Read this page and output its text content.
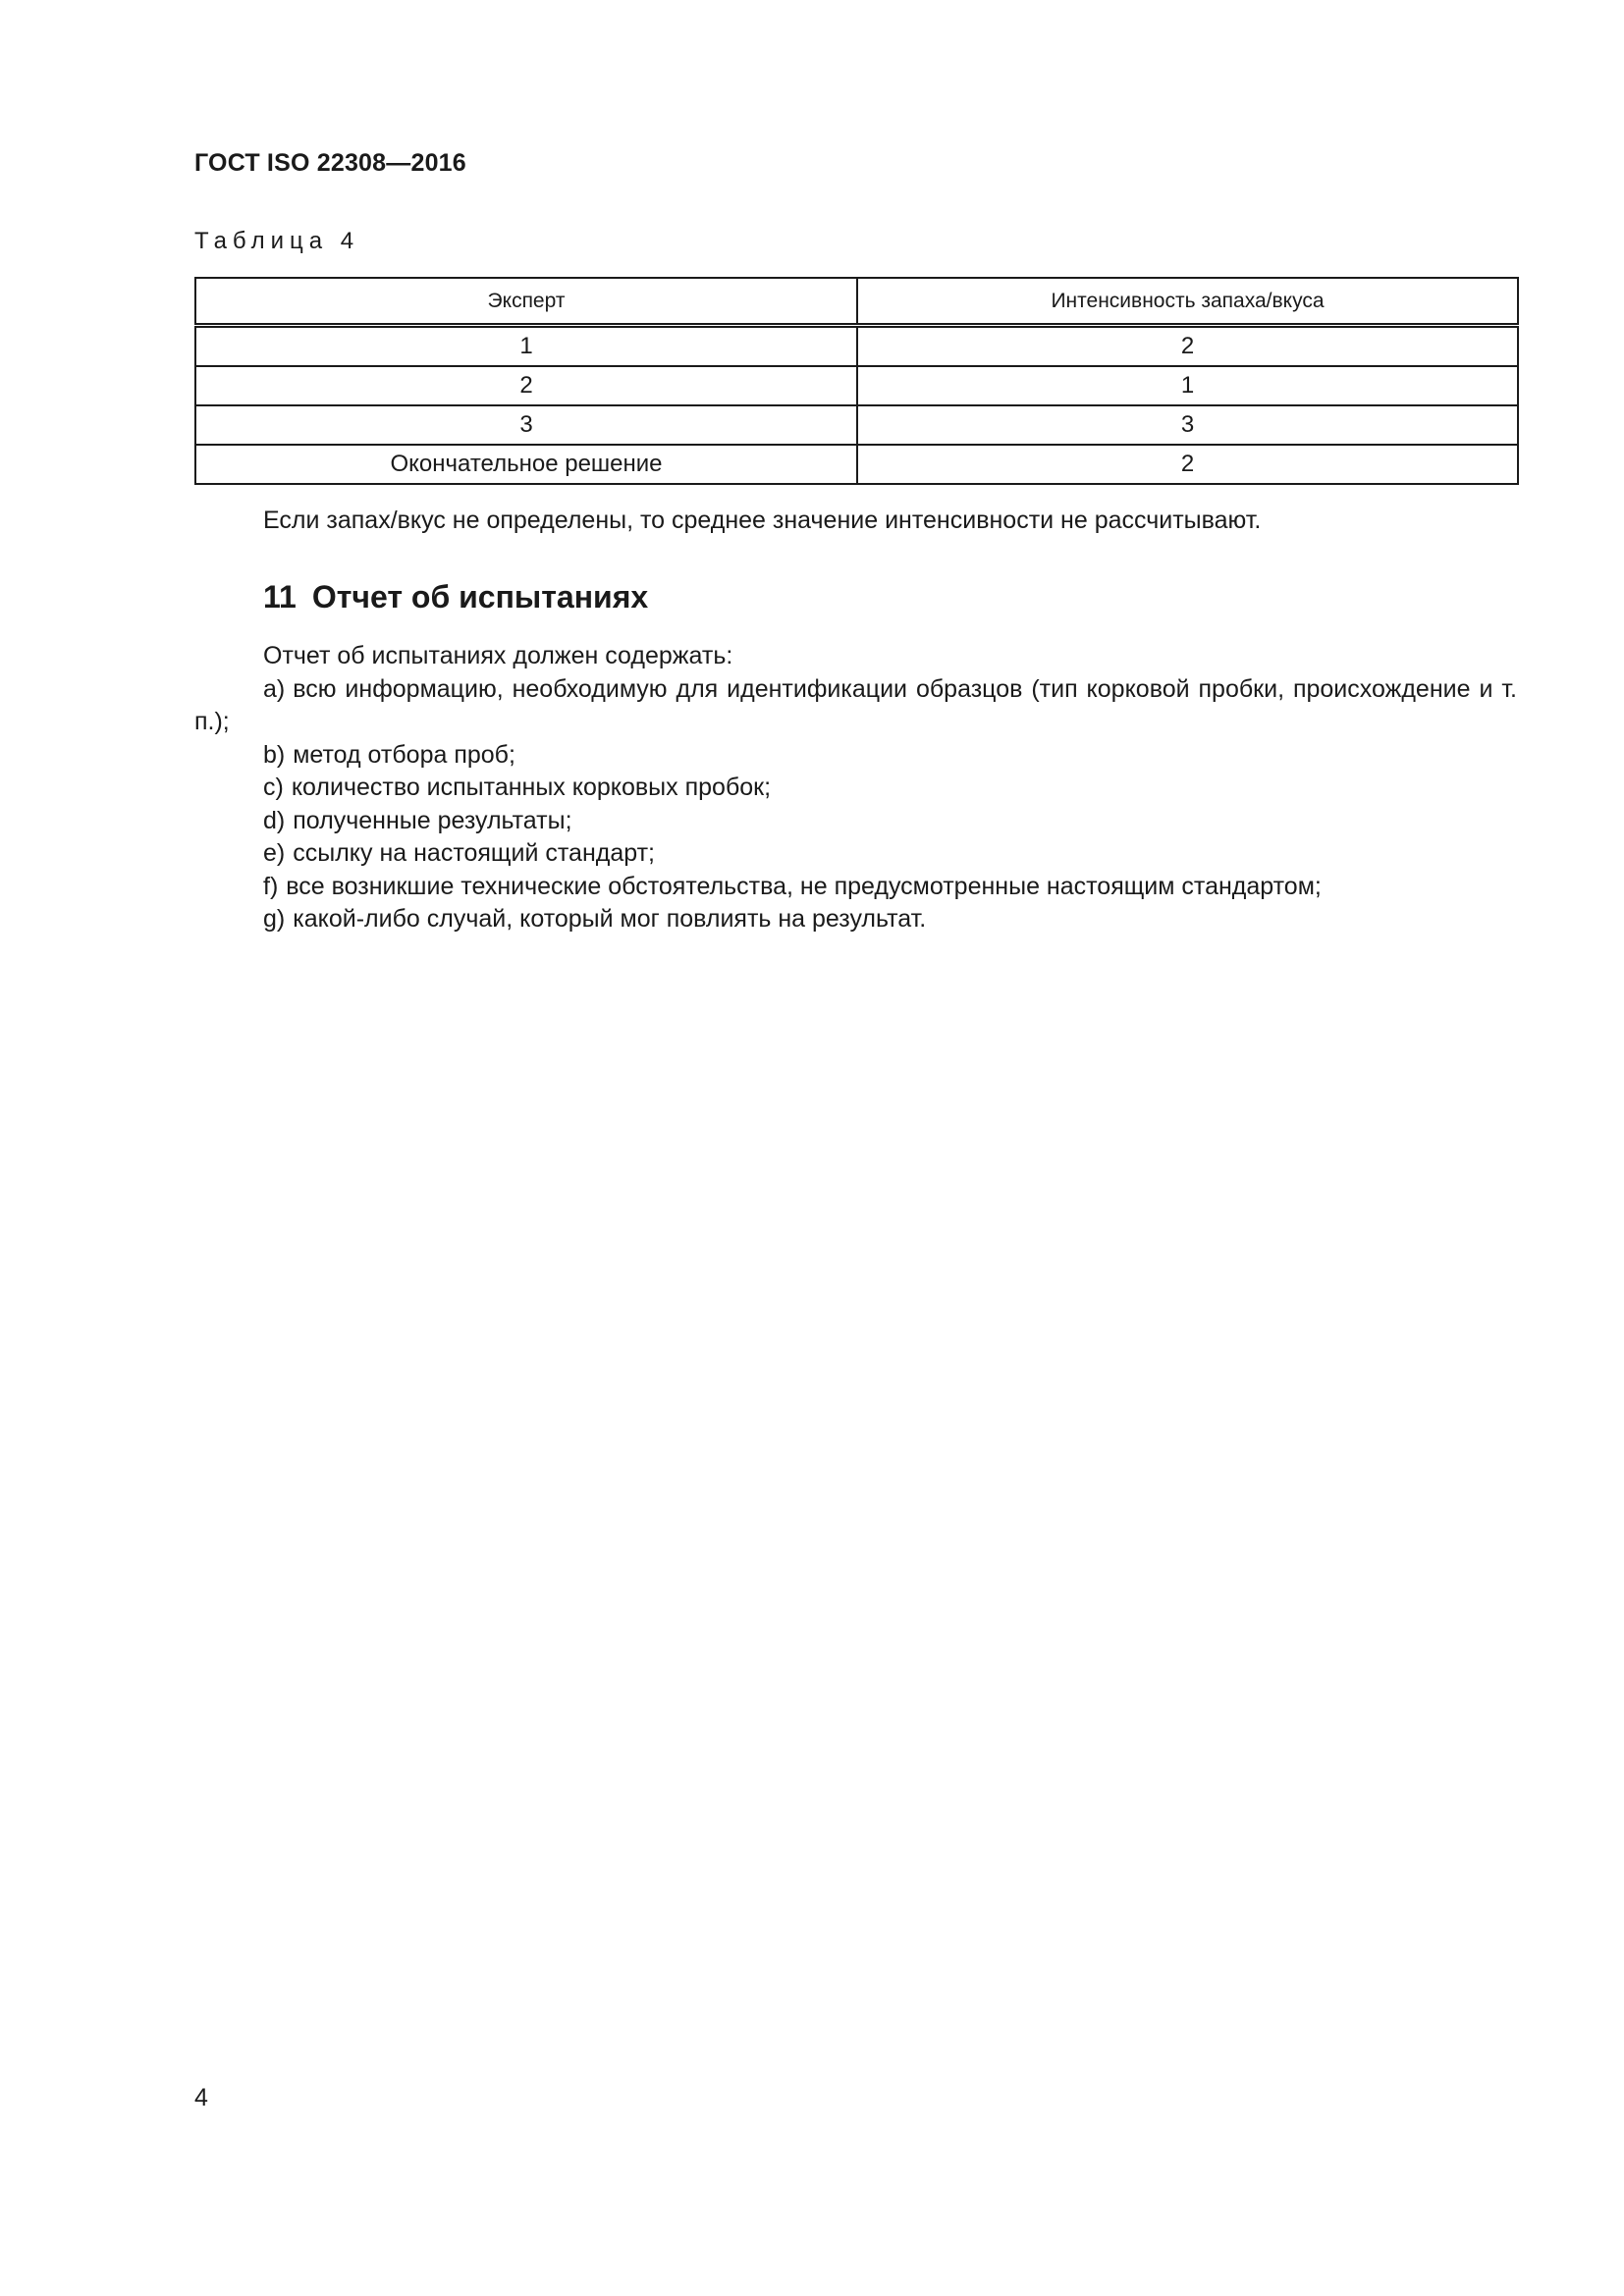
ГОСТ ISO 22308—2016
Таблица 4
Эксперт	Интенсивность запаха/вкуса
1	2
2	1
3	3
Окончательное решение	2
Если запах/вкус не определены, то среднее значение интенсивности не рассчитывают.
11 Отчет об испытаниях

Отчет об испытаниях должен содержать:

a) всю информацию, необходимую для идентификации образцов (тип корковой пробки, происхождение и т. п.);

b) метод отбора проб;

c) количество испытанных корковых пробок;

d) полученные результаты;

e) ссылку на настоящий стандарт;

f) все возникшие технические обстоятельства, не предусмотренные настоящим стандартом;

g) какой-либо случай, который мог повлиять на результат.

4
